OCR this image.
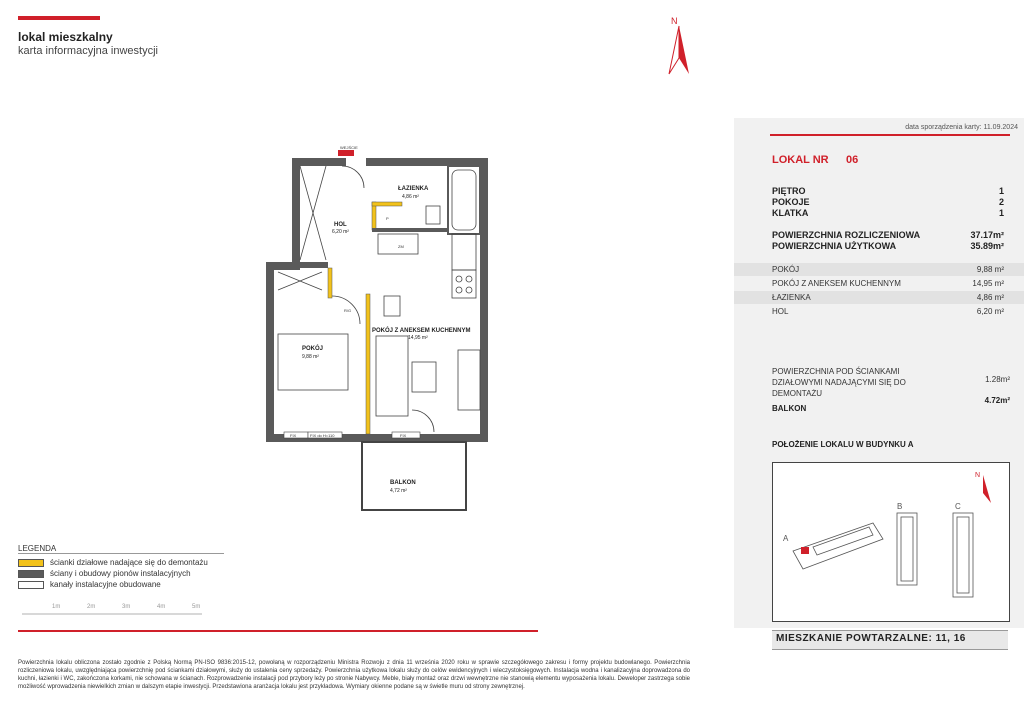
lokal mieszkalny
karta informacyjna inwestycji
N
WEJŚCIE
ŁAZIENKA
4,86 m²
HOL
6,20 m²
POKÓJ
9,88 m²
POKÓJ Z ANEKSEM KUCHENNYM
14,95 m²
BALKON
4,72 m²
P
ZM
R/G
FIX	FIX do H=110	FIX
data sporządzenia karty: 11.09.2024
LOKAL NR 06
PIĘTRO	1
POKOJE	2
KLATKA	1
POWIERZCHNIA ROZLICZENIOWA	37.17m²
POWIERZCHNIA UŻYTKOWA	35.89m²
POKÓJ	9,88 m²
POKÓJ Z ANEKSEM KUCHENNYM	14,95 m²
ŁAZIENKA	4,86 m²
HOL	6,20 m²
POWIERZCHNIA POD ŚCIANKAMI DZIAŁOWYMI NADAJĄCYMI SIĘ DO DEMONTAŻU
1.28m²
BALKON
4.72m²
POŁOŻENIE LOKALU W BUDYNKU A
A
B	C
N
MIESZKANIE POWTARZALNE: 11, 16
LEGENDA
ścianki działowe nadające się do demontażu
ściany i obudowy pionów instalacyjnych
kanały instalacyjne obudowane
1m	2m	3m	4m	5m
Powierzchnia lokalu obliczona zostało zgodnie z Polską Normą PN-ISO 9836:2015-12, powołaną w rozporządzeniu Ministra Rozwoju z dnia 11 września 2020 roku w sprawie szczegółowego zakresu i formy projektu budowlanego. Powierzchnia rozliczeniowa lokalu, uwzględniająca powierzchnię pod ściankami działowymi, służy do ustalenia ceny sprzedaży. Powierzchnia użytkowa lokalu służy do celów ewidencyjnych i wieczystoksięgowych. Instalacja wodna i kanalizacyjna doprowadzona do kuchni, łazienki i WC, zakończona korkami, nie schowana w ścianach. Rozprowadzenie instalacji pod przybory leży po stronie Nabywcy. Meble, biały montaż oraz drzwi wewnętrzne nie stanowią elementu wyposażenia lokalu. Deweloper zastrzega sobie możliwość wprowadzenia niewielkich zmian w dalszym etapie inwestycji. Przedstawiona aranżacja lokalu jest przykładowa. Wymiary okienne podane są w świetle muru od strony zewnętrznej.
